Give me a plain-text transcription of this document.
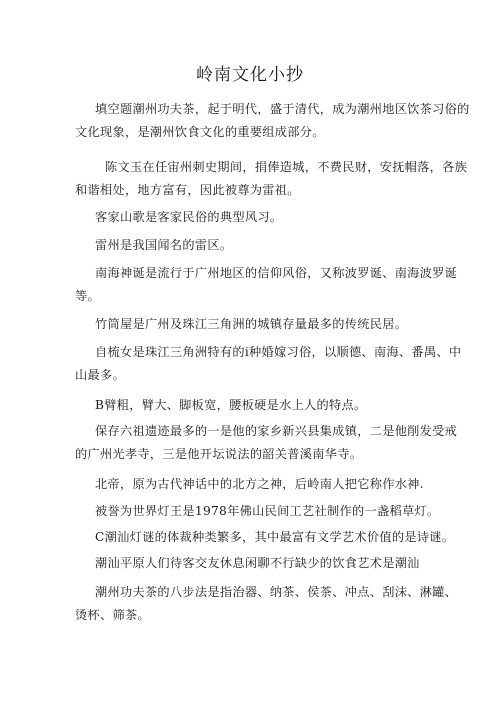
岭南文化小抄
填空题潮州功夫茶，起于明代，盛于清代，成为潮州地区饮茶习俗的
文化现象，是潮州饮食文化的重要组成部分。
陈文玉在任宙州刺史期间，捐俸造城，不费民财，安抚帽落，各族
和谐相处，地方富有，因此被尊为雷祖。
客家山歌是客家民俗的典型风习。
雷州是我国闻名的雷区。
南海神诞是流行于广州地区的信仰风俗，又称波罗诞、南海波罗诞
等。
竹筒屋是广州及珠江三角洲的城镇存量最多的传统民居。
自梳女是珠江三角洲特有的i种婚嫁习俗，以顺德、南海、番禺、中
山最多。
B臂粗，臂大、脚板宽，腰板硬是水上人的特点。
保存六祖遗迹最多的一是他的家乡新兴县集成镇，二是他削发受戒
的广州光孝寺，三是他开坛说法的韶关普溪南华寺。
北帝，原为古代神话中的北方之神，后岭南人把它称作水神.
被誉为世界灯王是1978年佛山民间工艺社制作的一盏稻草灯。
C潮汕灯谜的体裁种类繁多，其中最富有文学艺术价值的是诗谜。
潮汕平原人们待客交友休息闲聊不行缺少的饮食艺术是潮汕
潮州功夫茶的八步法是指治器、纳茶、侯茶、冲点、刮沫、淋罐、
烫杯、筛茶。
